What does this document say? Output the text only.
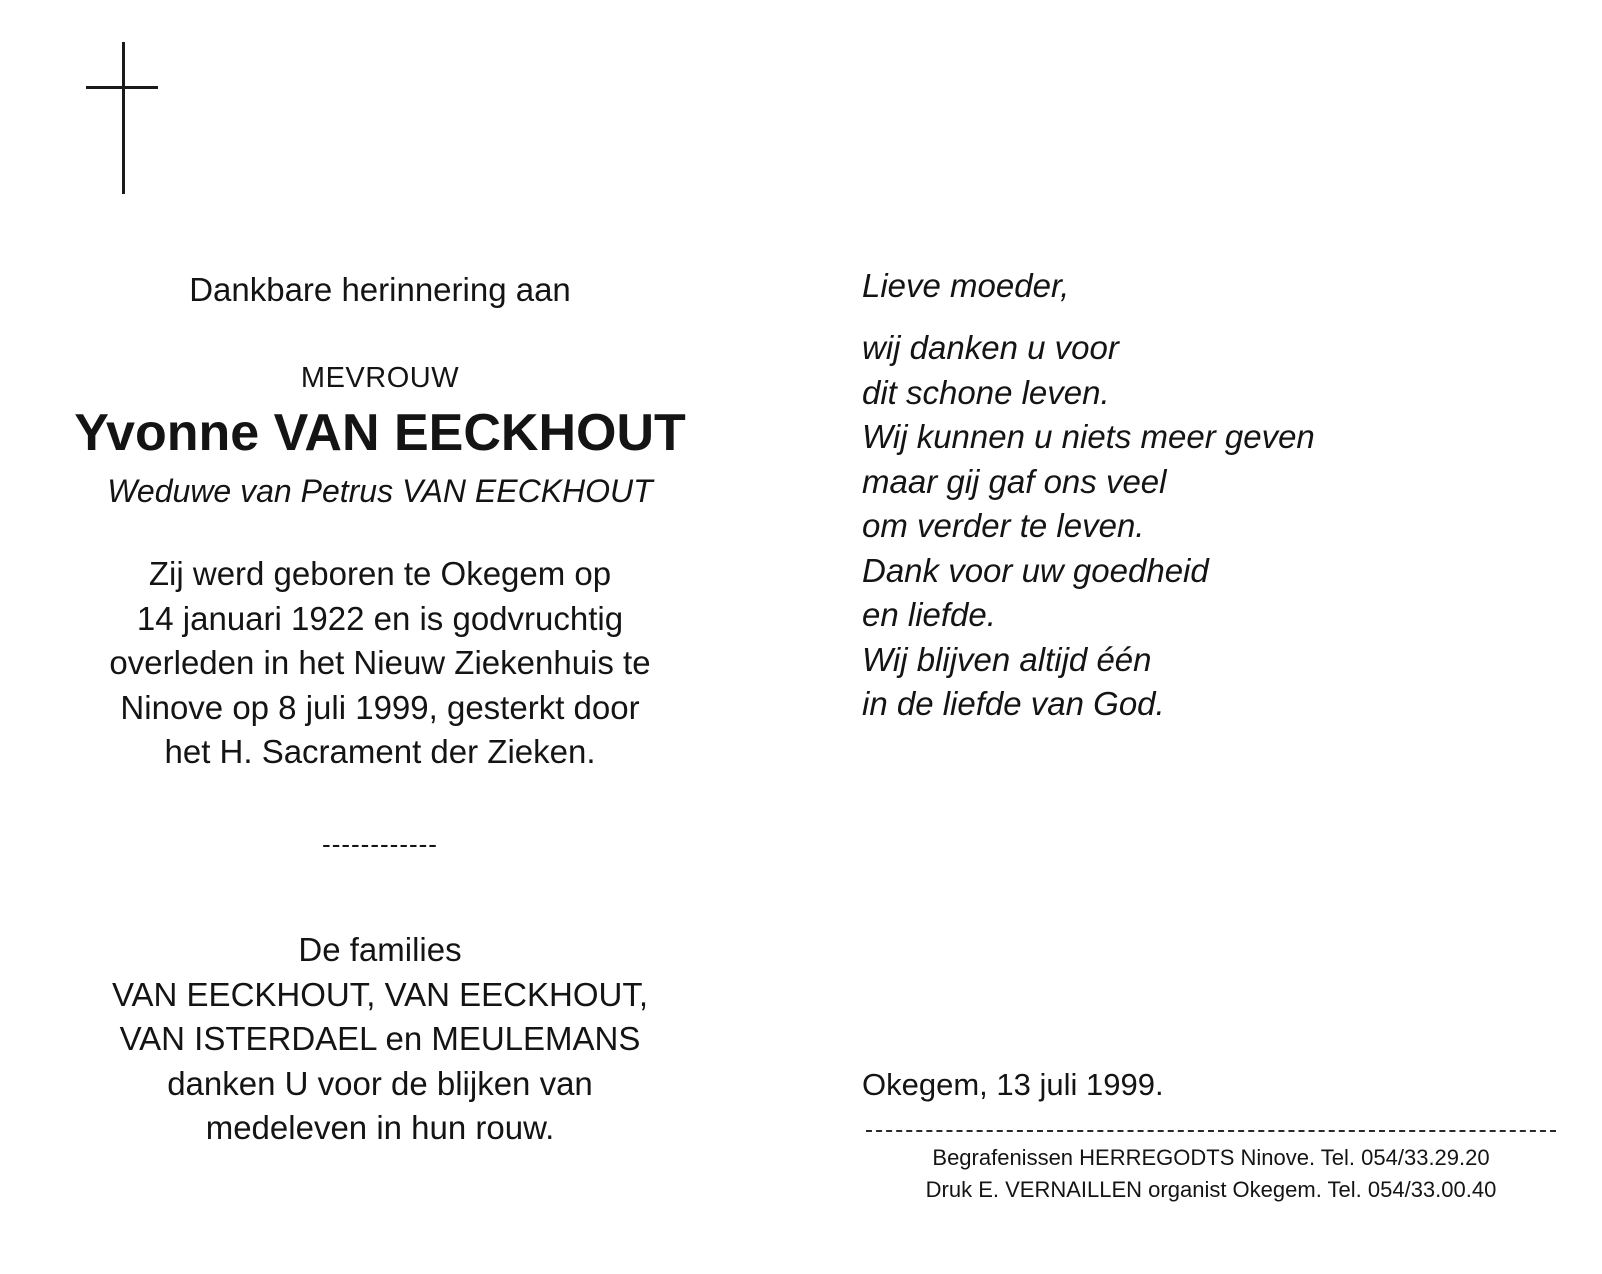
Dankbare herinnering aan
MEVROUW
Yvonne VAN EECKHOUT
Weduwe van Petrus VAN EECKHOUT
Zij werd geboren te Okegem op
14 januari 1922 en is godvruchtig
overleden in het Nieuw Ziekenhuis te
Ninove op 8 juli 1999, gesterkt door
het H. Sacrament der Zieken.
------------
De families
VAN EECKHOUT, VAN EECKHOUT,
VAN ISTERDAEL en MEULEMANS
danken U voor de blijken van
medeleven in hun rouw.
Lieve moeder,
wij danken u voor
dit schone leven.
Wij kunnen u niets meer geven
maar gij gaf ons veel
om verder te leven.
Dank voor uw goedheid
en liefde.
Wij blijven altijd één
in de liefde van God.
Okegem, 13 juli 1999.
Begrafenissen HERREGODTS Ninove. Tel. 054/33.29.20
Druk E. VERNAILLEN organist Okegem. Tel. 054/33.00.40
